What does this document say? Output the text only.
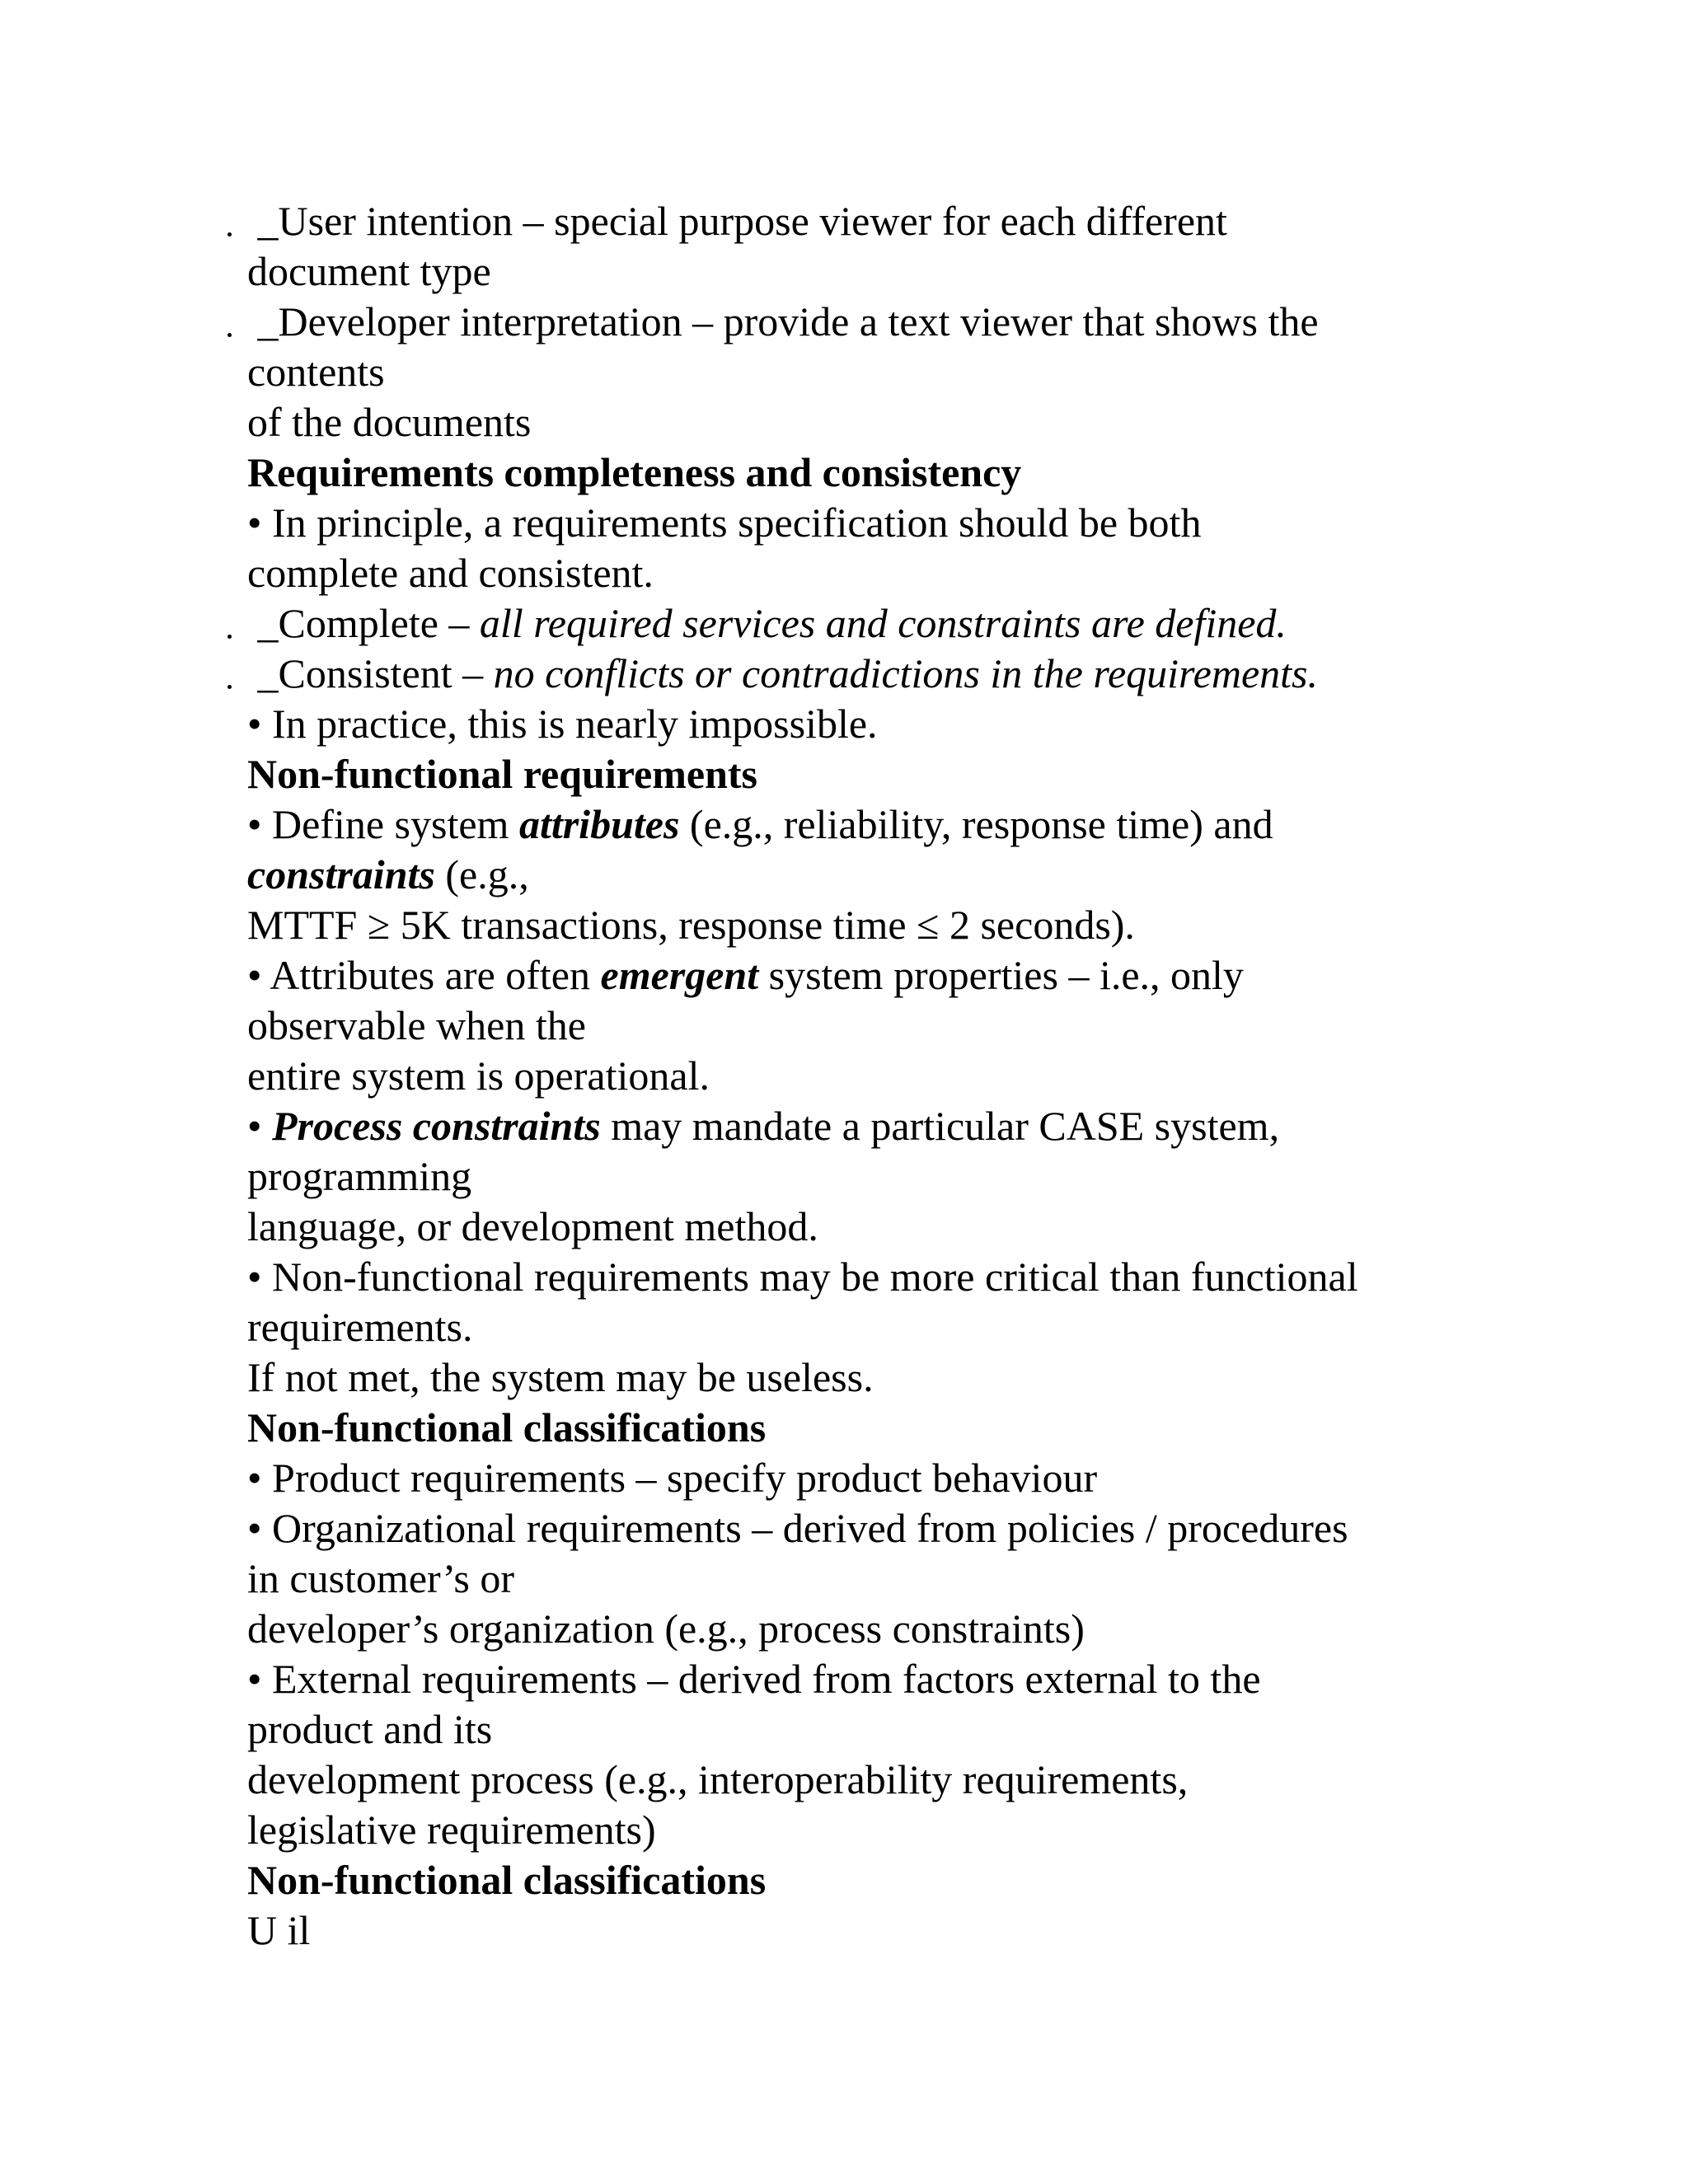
_User intention – special purpose viewer for each different
document type
_Developer interpretation – provide a text viewer that shows the
contents
of the documents
Requirements completeness and consistency
• In principle, a requirements specification should be both
complete and consistent.
_Complete – all required services and constraints are defined.
_Consistent – no conflicts or contradictions in the requirements.
• In practice, this is nearly impossible.
Non-functional requirements
• Define system attributes (e.g., reliability, response time) and
constraints (e.g.,
MTTF ≥ 5K transactions, response time ≤ 2 seconds).
• Attributes are often emergent system properties – i.e., only
observable when the
entire system is operational.
• Process constraints may mandate a particular CASE system,
programming
language, or development method.
• Non-functional requirements may be more critical than functional
requirements.
If not met, the system may be useless.
Non-functional classifications
• Product requirements – specify product behaviour
• Organizational requirements – derived from policies / procedures
in customer’s or
developer’s organization (e.g., process constraints)
• External requirements – derived from factors external to the
product and its
development process (e.g., interoperability requirements,
legislative requirements)
Non-functional classifications
U il
